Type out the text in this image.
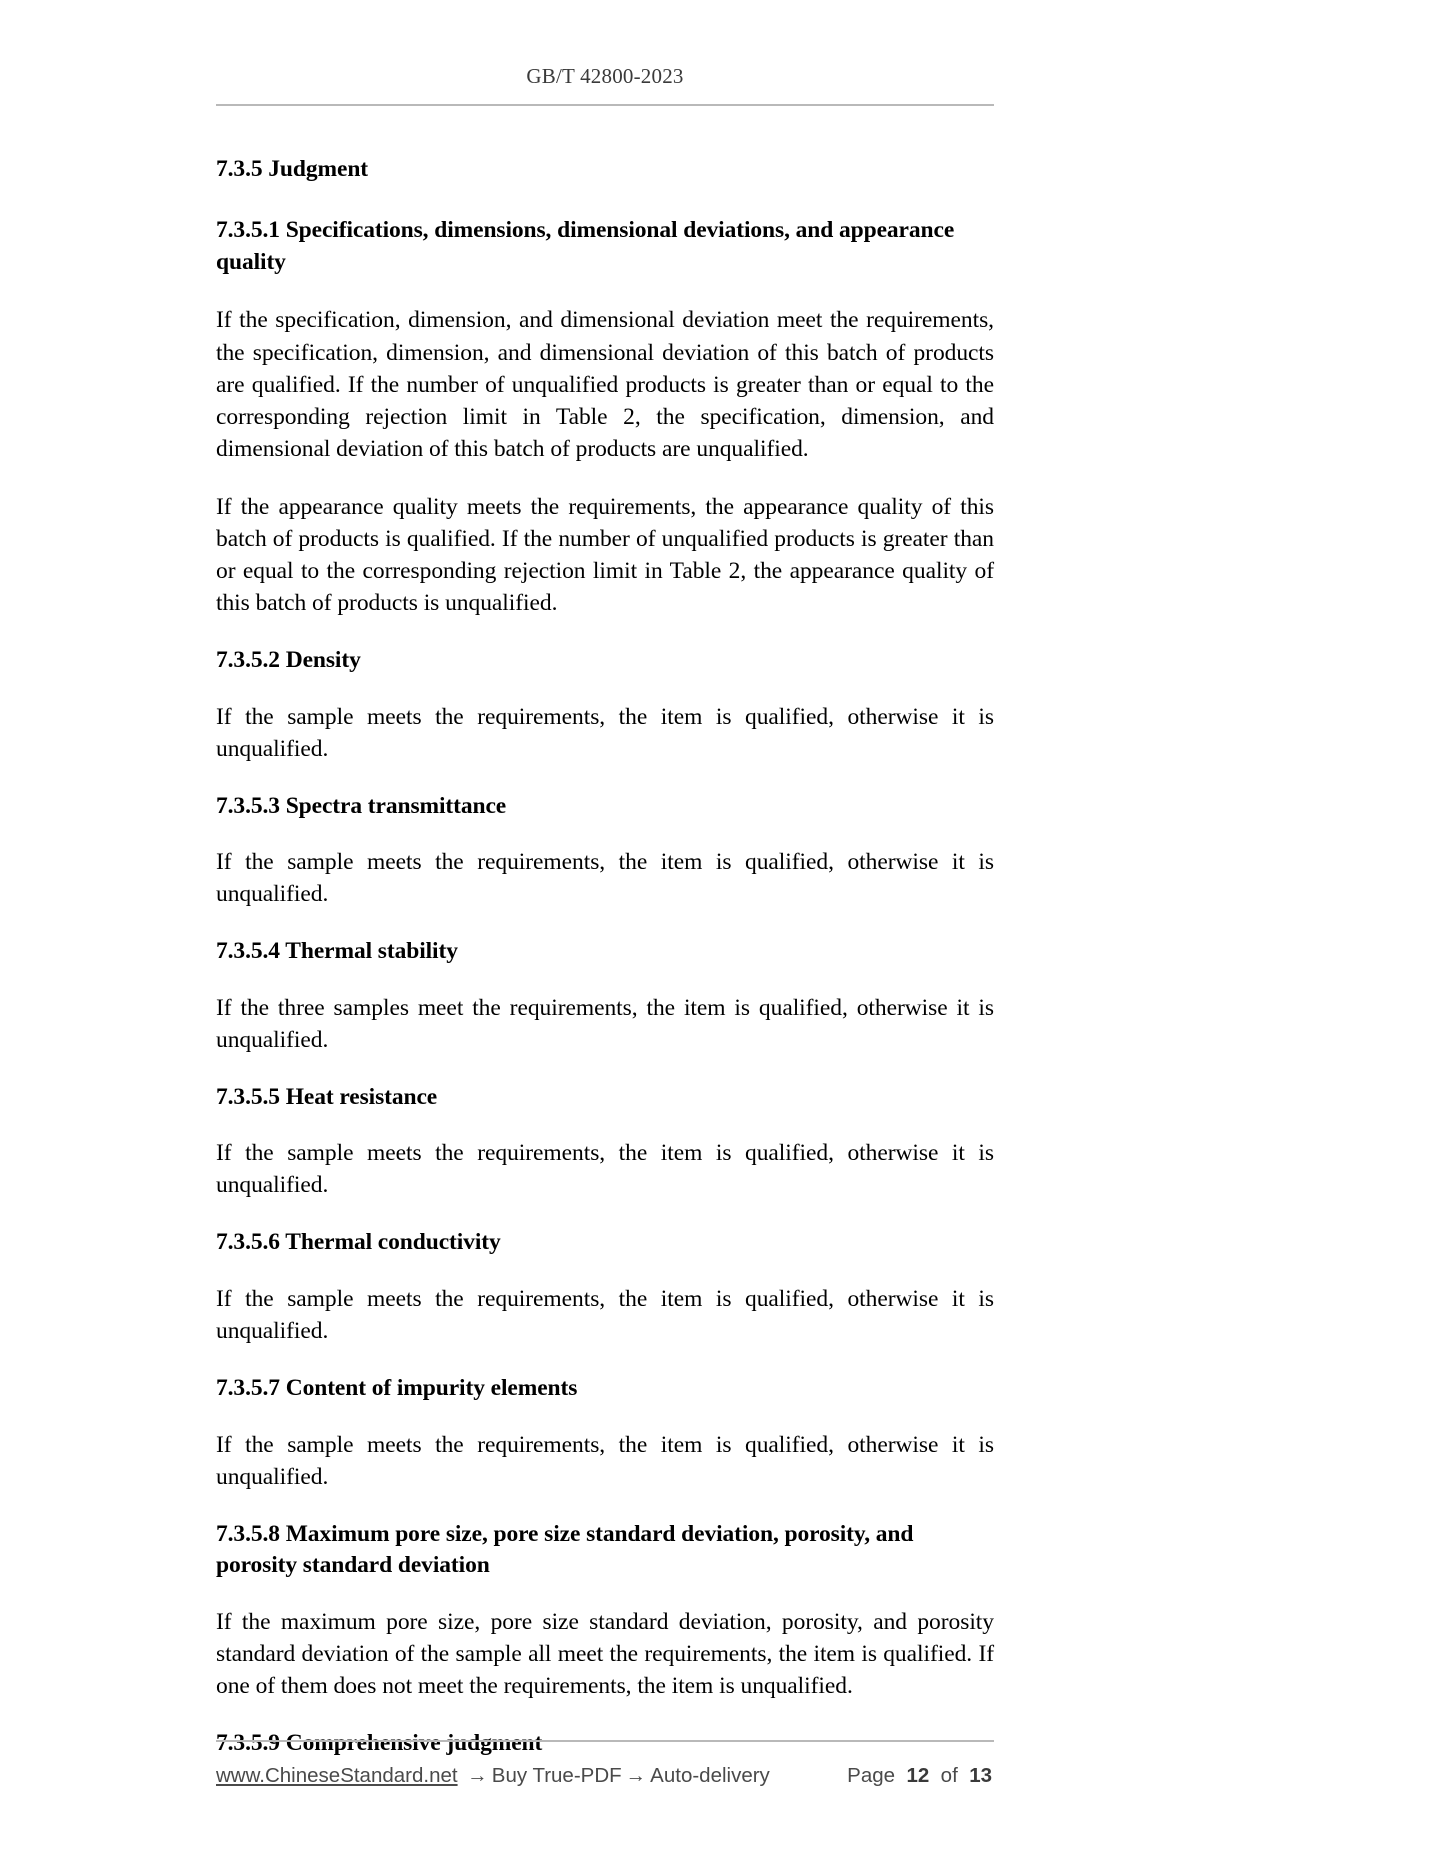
GB/T 42800-2023
7.3.5 Judgment
7.3.5.1 Specifications, dimensions, dimensional deviations, and appearance quality

If the specification, dimension, and dimensional deviation meet the requirements, the specification, dimension, and dimensional deviation of this batch of products are qualified. If the number of unqualified products is greater than or equal to the corresponding rejection limit in Table 2, the specification, dimension, and dimensional deviation of this batch of products are unqualified.

If the appearance quality meets the requirements, the appearance quality of this batch of products is qualified. If the number of unqualified products is greater than or equal to the corresponding rejection limit in Table 2, the appearance quality of this batch of products is unqualified.

7.3.5.2 Density

If the sample meets the requirements, the item is qualified, otherwise it is unqualified.

7.3.5.3 Spectra transmittance

If the sample meets the requirements, the item is qualified, otherwise it is unqualified.

7.3.5.4 Thermal stability

If the three samples meet the requirements, the item is qualified, otherwise it is unqualified.

7.3.5.5 Heat resistance

If the sample meets the requirements, the item is qualified, otherwise it is unqualified.

7.3.5.6 Thermal conductivity

If the sample meets the requirements, the item is qualified, otherwise it is unqualified.

7.3.5.7 Content of impurity elements

If the sample meets the requirements, the item is qualified, otherwise it is unqualified.

7.3.5.8 Maximum pore size, pore size standard deviation, porosity, and porosity standard deviation

If the maximum pore size, pore size standard deviation, porosity, and porosity standard deviation of the sample all meet the requirements, the item is qualified. If one of them does not meet the requirements, the item is unqualified.

7.3.5.9 Comprehensive judgment
www.ChineseStandard.net
→ Buy True-PDF → Auto-delivery	Page
12
of
13
